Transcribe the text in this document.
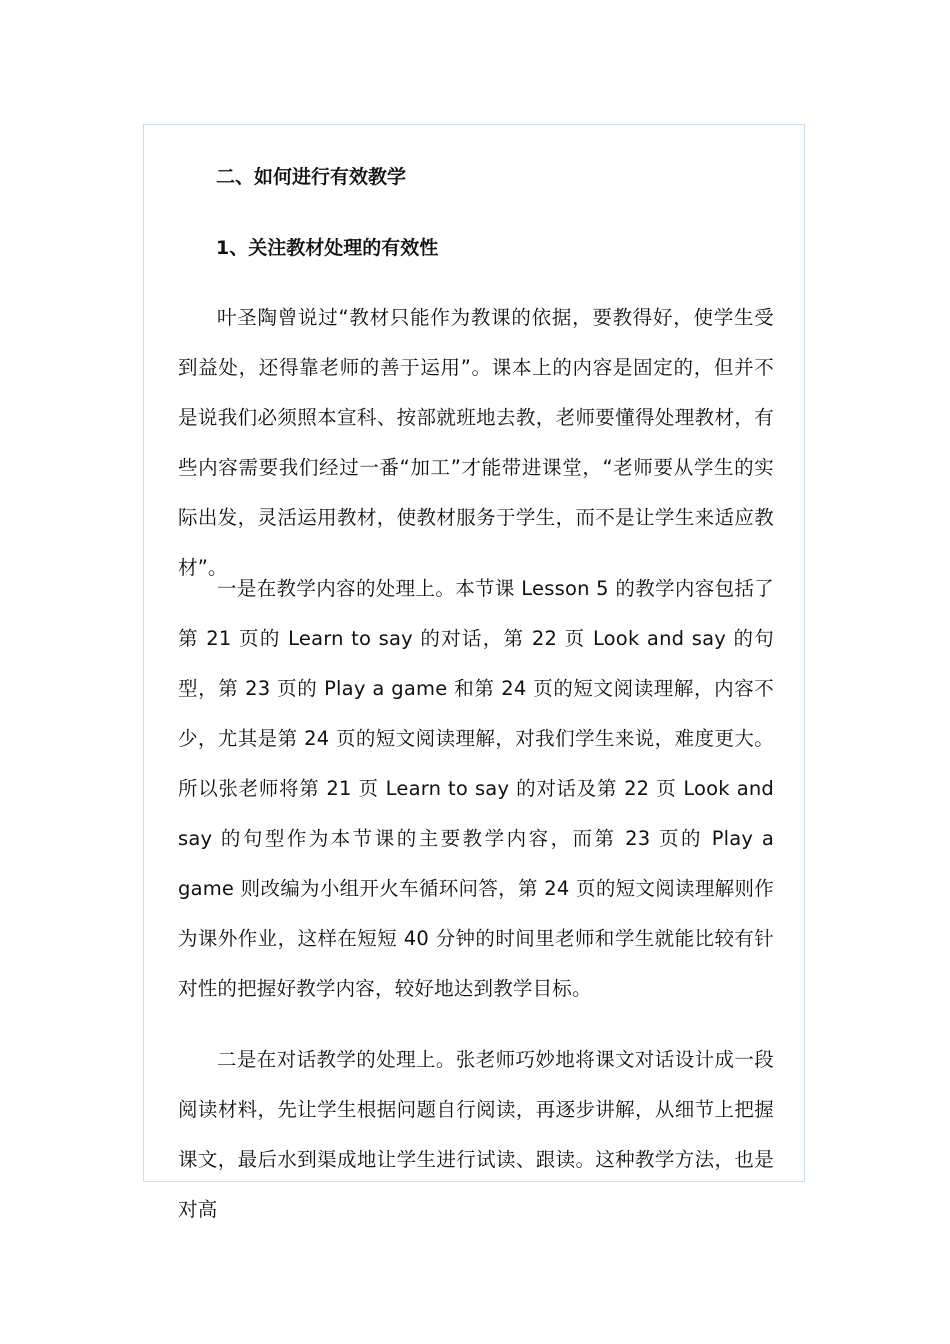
二、如何进行有效教学
1、关注教材处理的有效性

叶圣陶曾说过“教材只能作为教课的依据，要教得好，使学生受到益处，还得靠老师的善于运用”。课本上的内容是固定的，但并不是说我们必须照本宣科、按部就班地去教，老师要懂得处理教材，有些内容需要我们经过一番“加工”才能带进课堂，“老师要从学生的实际出发，灵活运用教材，使教材服务于学生，而不是让学生来适应教材”。

一是在教学内容的处理上。本节课 Lesson 5 的教学内容包括了第 21 页的 Learn to say 的对话，第 22 页 Look and say 的句型，第 23 页的 Play a game 和第 24 页的短文阅读理解，内容不少，尤其是第 24 页的短文阅读理解，对我们学生来说，难度更大。所以张老师将第 21 页 Learn to say 的对话及第 22 页 Look and say 的句型作为本节课的主要教学内容，而第 23 页的 Play a game 则改编为小组开火车循环问答，第 24 页的短文阅读理解则作为课外作业，这样在短短 40 分钟的时间里老师和学生就能比较有针对性的把握好教学内容，较好地达到教学目标。

二是在对话教学的处理上。张老师巧妙地将课文对话设计成一段阅读材料，先让学生根据问题自行阅读，再逐步讲解，从细节上把握课文，最后水到渠成地让学生进行试读、跟读。这种教学方法，也是对高
